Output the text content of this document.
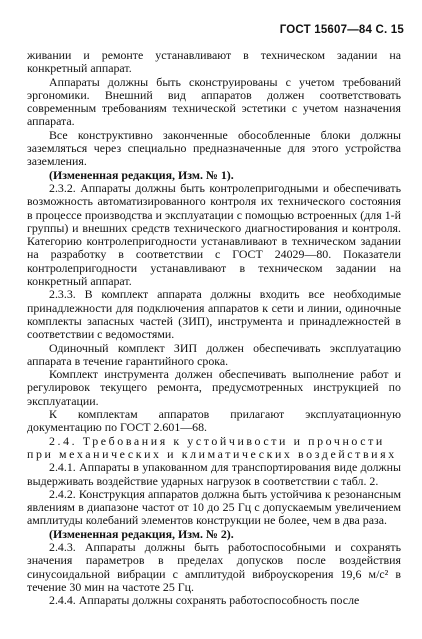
ГОСТ 15607—84 С. 15

живании и ремонте устанавливают в техническом задании на конкретный аппарат.

Аппараты должны быть сконструированы с учетом требований эргономики. Внешний вид аппаратов должен соответствовать современным требованиям технической эстетики с учетом назначения аппарата.

Все конструктивно законченные обособленные блоки должны заземляться через специально предназначенные для этого устройства заземления.

(Измененная редакция, Изм. № 1).

2.3.2. Аппараты должны быть контролепригодными и обеспечивать возможность автоматизированного контроля их технического состояния в процессе производства и эксплуатации с помощью встроенных (для 1-й группы) и внешних средств технического диагностирования и контроля. Категорию контролепригодности устанавливают в техническом задании на разработку в соответствии с ГОСТ 24029—80. Показатели контролепригодности устанавливают в техническом задании на конкретный аппарат.

2.3.3. В комплект аппарата должны входить все необходимые принадлежности для подключения аппаратов к сети и линии, одиночные комплекты запасных частей (ЗИП), инструмента и принадлежностей в соответствии с ведомостями.

Одиночный комплект ЗИП должен обеспечивать эксплуатацию аппарата в течение гарантийного срока.

Комплект инструмента должен обеспечивать выполнение работ и регулировок текущего ремонта, предусмотренных инструкцией по эксплуатации.

К комплектам аппаратов прилагают эксплуатационную документацию по ГОСТ 2.601—68.

2.4. Требования к устойчивости и прочности при механических и климатических воздействиях

2.4.1. Аппараты в упакованном для транспортирования виде должны выдерживать воздействие ударных нагрузок в соответствии с табл. 2.

2.4.2. Конструкция аппаратов должна быть устойчива к резонансным явлениям в диапазоне частот от 10 до 25 Гц с допускаемым увеличением амплитуды колебаний элементов конструкции не более, чем в два раза.

(Измененная редакция, Изм. № 2).

2.4.3. Аппараты должны быть работоспособными и сохранять значения параметров в пределах допусков после воздействия синусоидальной вибрации с амплитудой виброускорения 19,6 м/с² в течение 30 мин на частоте 25 Гц.

2.4.4. Аппараты должны сохранять работоспособность после
